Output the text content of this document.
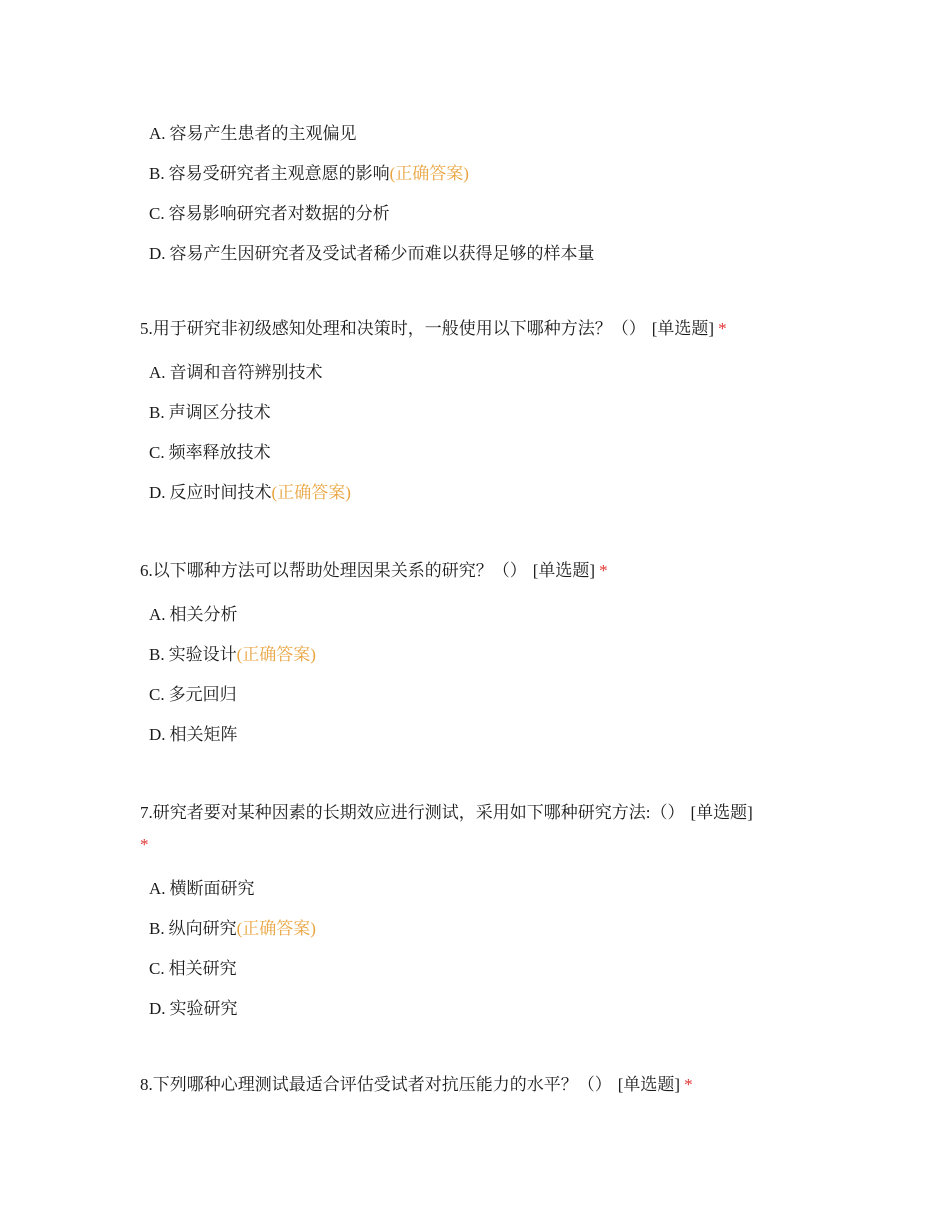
A. 容易产生患者的主观偏见
B. 容易受研究者主观意愿的影响(正确答案)
C. 容易影响研究者对数据的分析
D. 容易产生因研究者及受试者稀少而难以获得足够的样本量

5.用于研究非初级感知处理和决策时，一般使用以下哪种方法？（） [单选题] *

A. 音调和音符辨别技术
B. 声调区分技术
C. 频率释放技术
D. 反应时间技术(正确答案)

6.以下哪种方法可以帮助处理因果关系的研究？（） [单选题] *

A. 相关分析
B. 实验设计(正确答案)
C. 多元回归
D. 相关矩阵

7.研究者要对某种因素的长期效应进行测试，采用如下哪种研究方法:（） [单选题]
*

A. 横断面研究
B. 纵向研究(正确答案)
C. 相关研究
D. 实验研究

8.下列哪种心理测试最适合评估受试者对抗压能力的水平？（） [单选题] *
